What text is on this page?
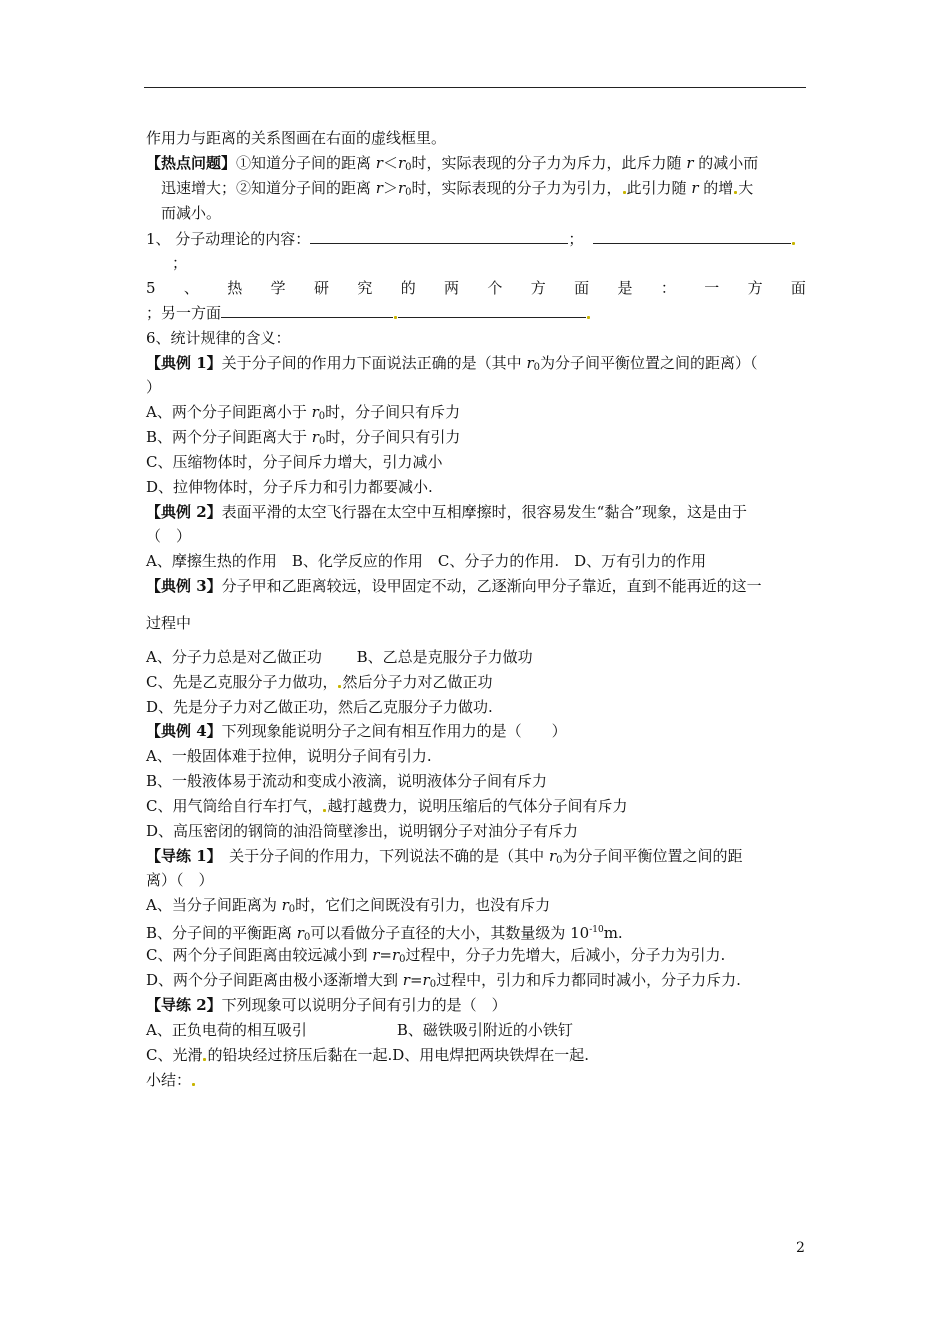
作用力与距离的关系图画在右面的虚线框里。
【热点问题】①知道分子间的距离 $r<r_0$时，实际表现的分子力为斥力，此斥力随 r 的减小而
迅速增大；②知道分子间的距离 $r>r_0$时，实际表现的分子力为引力， 此引力随 r 的增 大
而减小。
1、 分子动理论的内容：	；
；
5 、 热 学 研 究 的 两 个 方 面 是 ： 一 方 面
；另一方面
6、统计规律的含义：
【典例 1】关于分子间的作用力下面说法正确的是（其中 $r_0$为分子间平衡位置之间的距离）（
）
A、两个分子间距离小于 $r_0$时，分子间只有斥力
B、两个分子间距离大于 $r_0$时，分子间只有引力
C、压缩物体时，分子间斥力增大，引力减小
D、拉伸物体时，分子斥力和引力都要减小.
【典例 2】表面平滑的太空飞行器在太空中互相摩擦时，很容易发生“黏合”现象，这是由于
（　）
A、摩擦生热的作用　B、化学反应的作用　C、分子力的作用.　D、万有引力的作用
【典例 3】分子甲和乙距离较远，设甲固定不动，乙逐渐向甲分子靠近，直到不能再近的这一
过程中
A、分子力总是对乙做正功　　 B、乙总是克服分子力做功
C、先是乙克服分子力做功， 然后分子力对乙做正功
D、先是分子力对乙做正功，然后乙克服分子力做功.
【典例 4】下列现象能说明分子之间有相互作用力的是（　　）
A、一般固体难于拉伸，说明分子间有引力.
B、一般液体易于流动和变成小液滴，说明液体分子间有斥力
C、用气筒给自行车打气， 越打越费力，说明压缩后的气体分子间有斥力
D、高压密闭的钢筒的油沿筒壁渗出，说明钢分子对油分子有斥力
【导练 1】　关于分子间的作用力，下列说法不确的是（其中 $r_0$为分子间平衡位置之间的距
离）（　）
A、当分子间距离为 $r_0$时，它们之间既没有引力，也没有斥力
B、分子间的平衡距离 $r_0$可以看做分子直径的大小，其数量级为 $10^{-10}m$.
C、两个分子间距离由较远减小到 $r=r_0$过程中，分子力先增大，后减小，分子力为引力.
D、两个分子间距离由极小逐渐增大到 $r=r_0$过程中，引力和斥力都同时减小，分子力斥力.
【导练 2】下列现象可以说明分子间有引力的是（　）
A、正负电荷的相互吸引　　　　　　B、磁铁吸引附近的小铁钉
C、光滑 的铅块经过挤压后黏在一起.D、用电焊把两块铁焊在一起.
小结：
2
